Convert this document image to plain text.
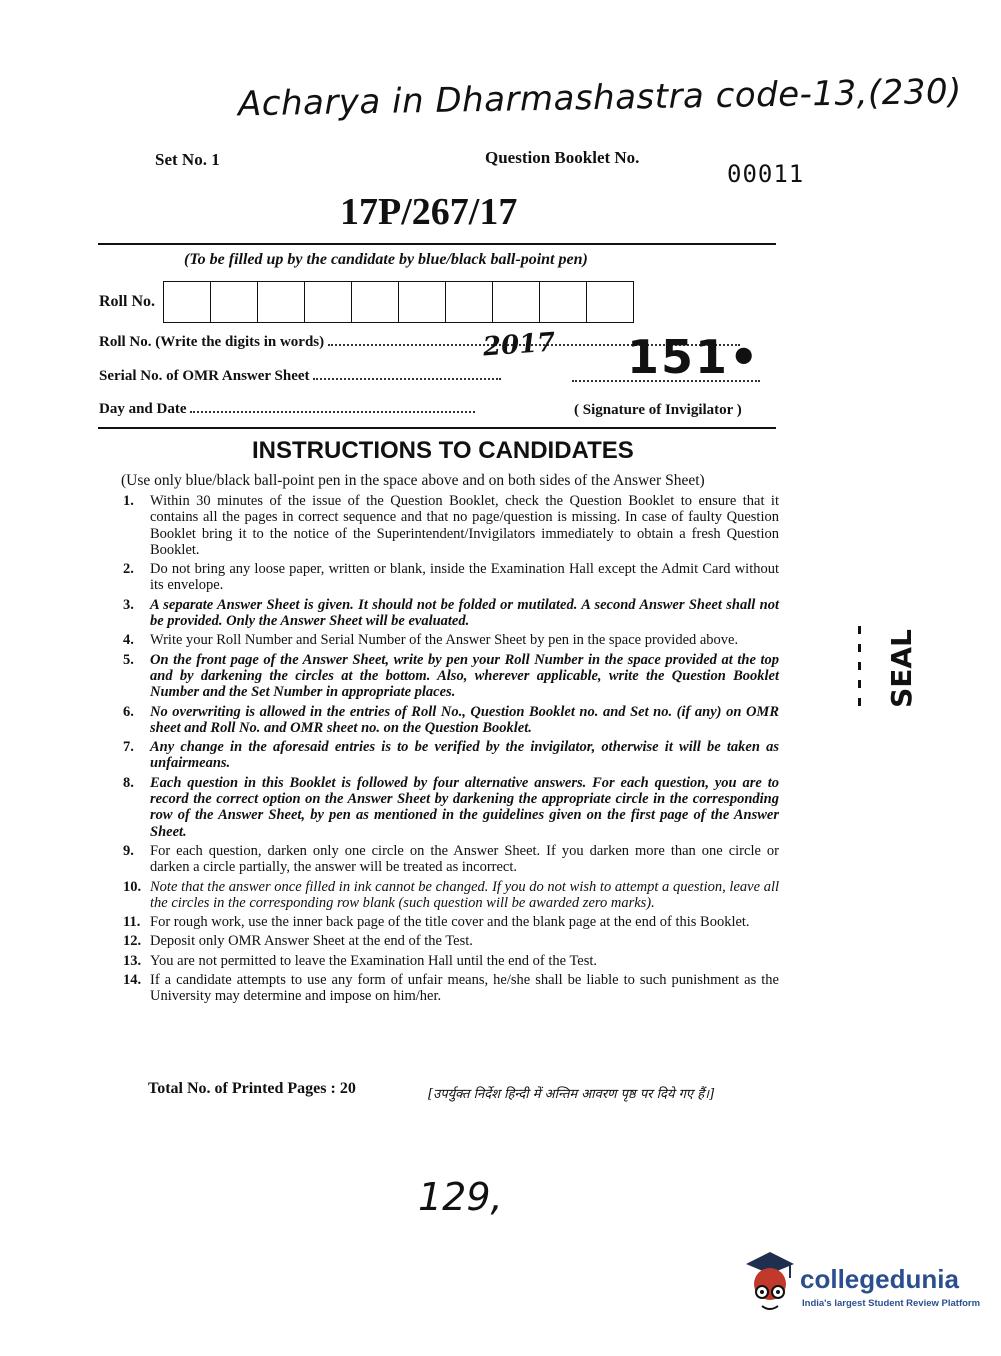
Acharya in Dharmashastra code-13,(230)
Set No. 1	Question Booklet No.
00011
17P/267/17
(To be filled up by the candidate by blue/black ball-point pen)
Roll No.
Roll No. (Write the digits in words)
Serial No. of OMR Answer Sheet
Day and Date
2017 151•
( Signature of Invigilator )
INSTRUCTIONS TO CANDIDATES
(Use only blue/black ball-point pen in the space above and on both sides of the Answer Sheet)
1.	Within 30 minutes of the issue of the Question Booklet, check the Question Booklet to ensure that it contains all the pages in correct sequence and that no page/question is missing. In case of faulty Question Booklet bring it to the notice of the Superintendent/Invigilators immediately to obtain a fresh Question Booklet.
2.	Do not bring any loose paper, written or blank, inside the Examination Hall except the Admit Card without its envelope.
3.	A separate Answer Sheet is given. It should not be folded or mutilated. A second Answer Sheet shall not be provided. Only the Answer Sheet will be evaluated.
4.	Write your Roll Number and Serial Number of the Answer Sheet by pen in the space provided above.
5.	On the front page of the Answer Sheet, write by pen your Roll Number in the space provided at the top and by darkening the circles at the bottom. Also, wherever applicable, write the Question Booklet Number and the Set Number in appropriate places.
6.	No overwriting is allowed in the entries of Roll No., Question Booklet no. and Set no. (if any) on OMR sheet and Roll No. and OMR sheet no. on the Question Booklet.
7.	Any change in the aforesaid entries is to be verified by the invigilator, otherwise it will be taken as unfairmeans.
8.	Each question in this Booklet is followed by four alternative answers. For each question, you are to record the correct option on the Answer Sheet by darkening the appropriate circle in the corresponding row of the Answer Sheet, by pen as mentioned in the guidelines given on the first page of the Answer Sheet.
9.	For each question, darken only one circle on the Answer Sheet. If you darken more than one circle or darken a circle partially, the answer will be treated as incorrect.
10. Note that the answer once filled in ink cannot be changed. If you do not wish to attempt a question, leave all the circles in the corresponding row blank (such question will be awarded zero marks).
11. For rough work, use the inner back page of the title cover and the blank page at the end of this Booklet.
12. Deposit only OMR Answer Sheet at the end of the Test.
13. You are not permitted to leave the Examination Hall until the end of the Test.
14. If a candidate attempts to use any form of unfair means, he/she shall be liable to such punishment as the University may determine and impose on him/her.
Total No. of Printed Pages : 20	[उपर्युक्त निर्देश हिन्दी में अन्तिम आवरण पृष्ठ पर दिये गए हैं।]
SEAL
129,
collegedunia
India's largest Student Review Platform
